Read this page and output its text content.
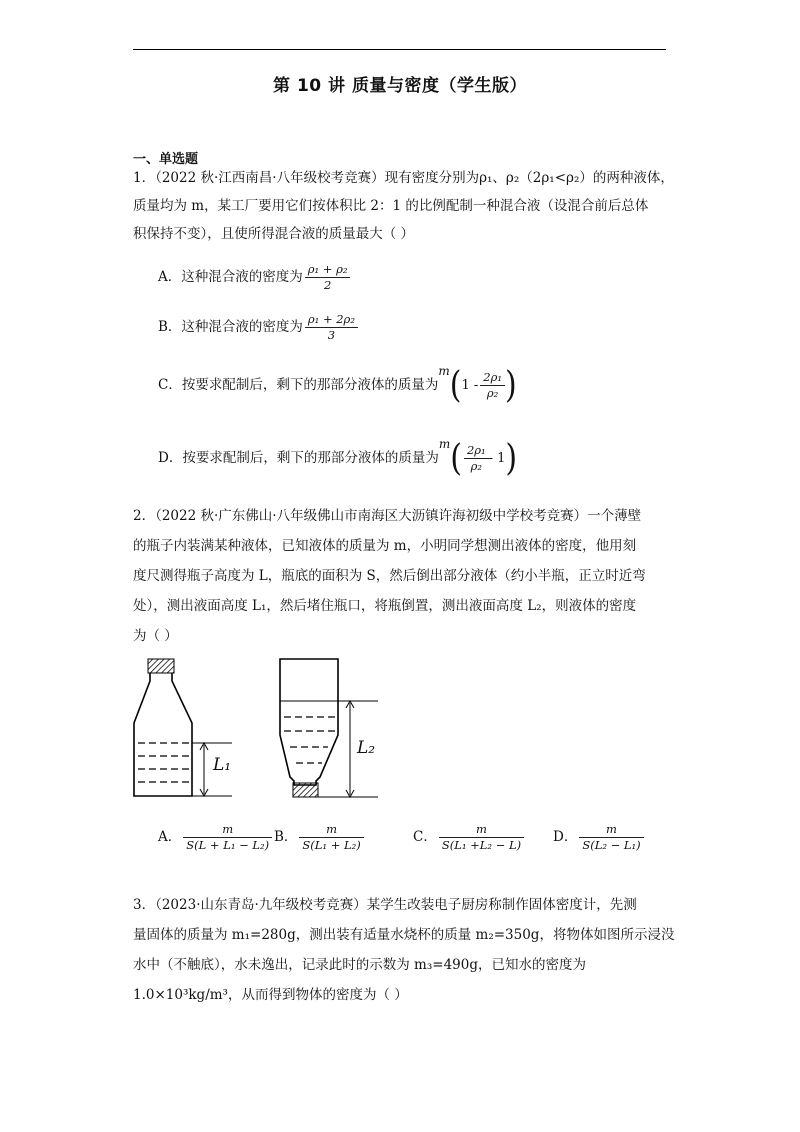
第 10 讲 质量与密度（学生版）
一、单选题
1．（2022 秋·江西南昌·八年级校考竞赛）现有密度分别为ρ₁、ρ₂（2ρ₁<ρ₂）的两种液体，
质量均为 m，某工厂要用它们按体积比 2：1 的比例配制一种混合液（设混合前后总体
积保持不变），且使所得混合液的质量最大（ ）
A．这种混合液的密度为 $\frac{\text{ρ₁ + ρ₂}}{2}$
B．这种混合液的密度为 $\frac{\text{ρ₁ + 2ρ₂}}{3}$
C．按要求配制后，剩下的那部分液体的质量为$m(1 - \frac{\text{2ρ₁}}{\text{ρ₂}}$ )
D．按要求配制后，剩下的那部分液体的质量为$m( \frac{\text{2ρ₁}}{\text{ρ₂}} - 1)$
2．（2022 秋·广东佛山·八年级佛山市南海区大沥镇许海初级中学校考竞赛）一个薄壁
的瓶子内装满某种液体，已知液体的质量为 m，小明同学想测出液体的密度，他用刻
度尺测得瓶子高度为 L，瓶底的面积为 S，然后倒出部分液体（约小半瓶，正立时近弯
处），测出液面高度 L₁，然后堵住瓶口，将瓶倒置，测出液面高度 L₂，则液体的密度
为（ ）
L₁
L₂
A． $\frac{m}{\text{S(L + L₁ − L₂)}}$ B． $\frac{m}{\text{S(L₁ + L₂)}}$	C． $\frac{m}{\text{S(L₁ +L₂ − L)}}$ D． $\frac{m}{\text{S(L₂ − L₁)}}$
3．（2023·山东青岛·九年级校考竞赛）某学生改装电子厨房称制作固体密度计，先测
量固体的质量为 m₁=280g，测出装有适量水烧杯的质量 m₂=350g，将物体如图所示浸没
水中（不触底），水未逸出，记录此时的示数为 m₃=490g，已知水的密度为
1.0×10³kg/m³，从而得到物体的密度为（ ）
